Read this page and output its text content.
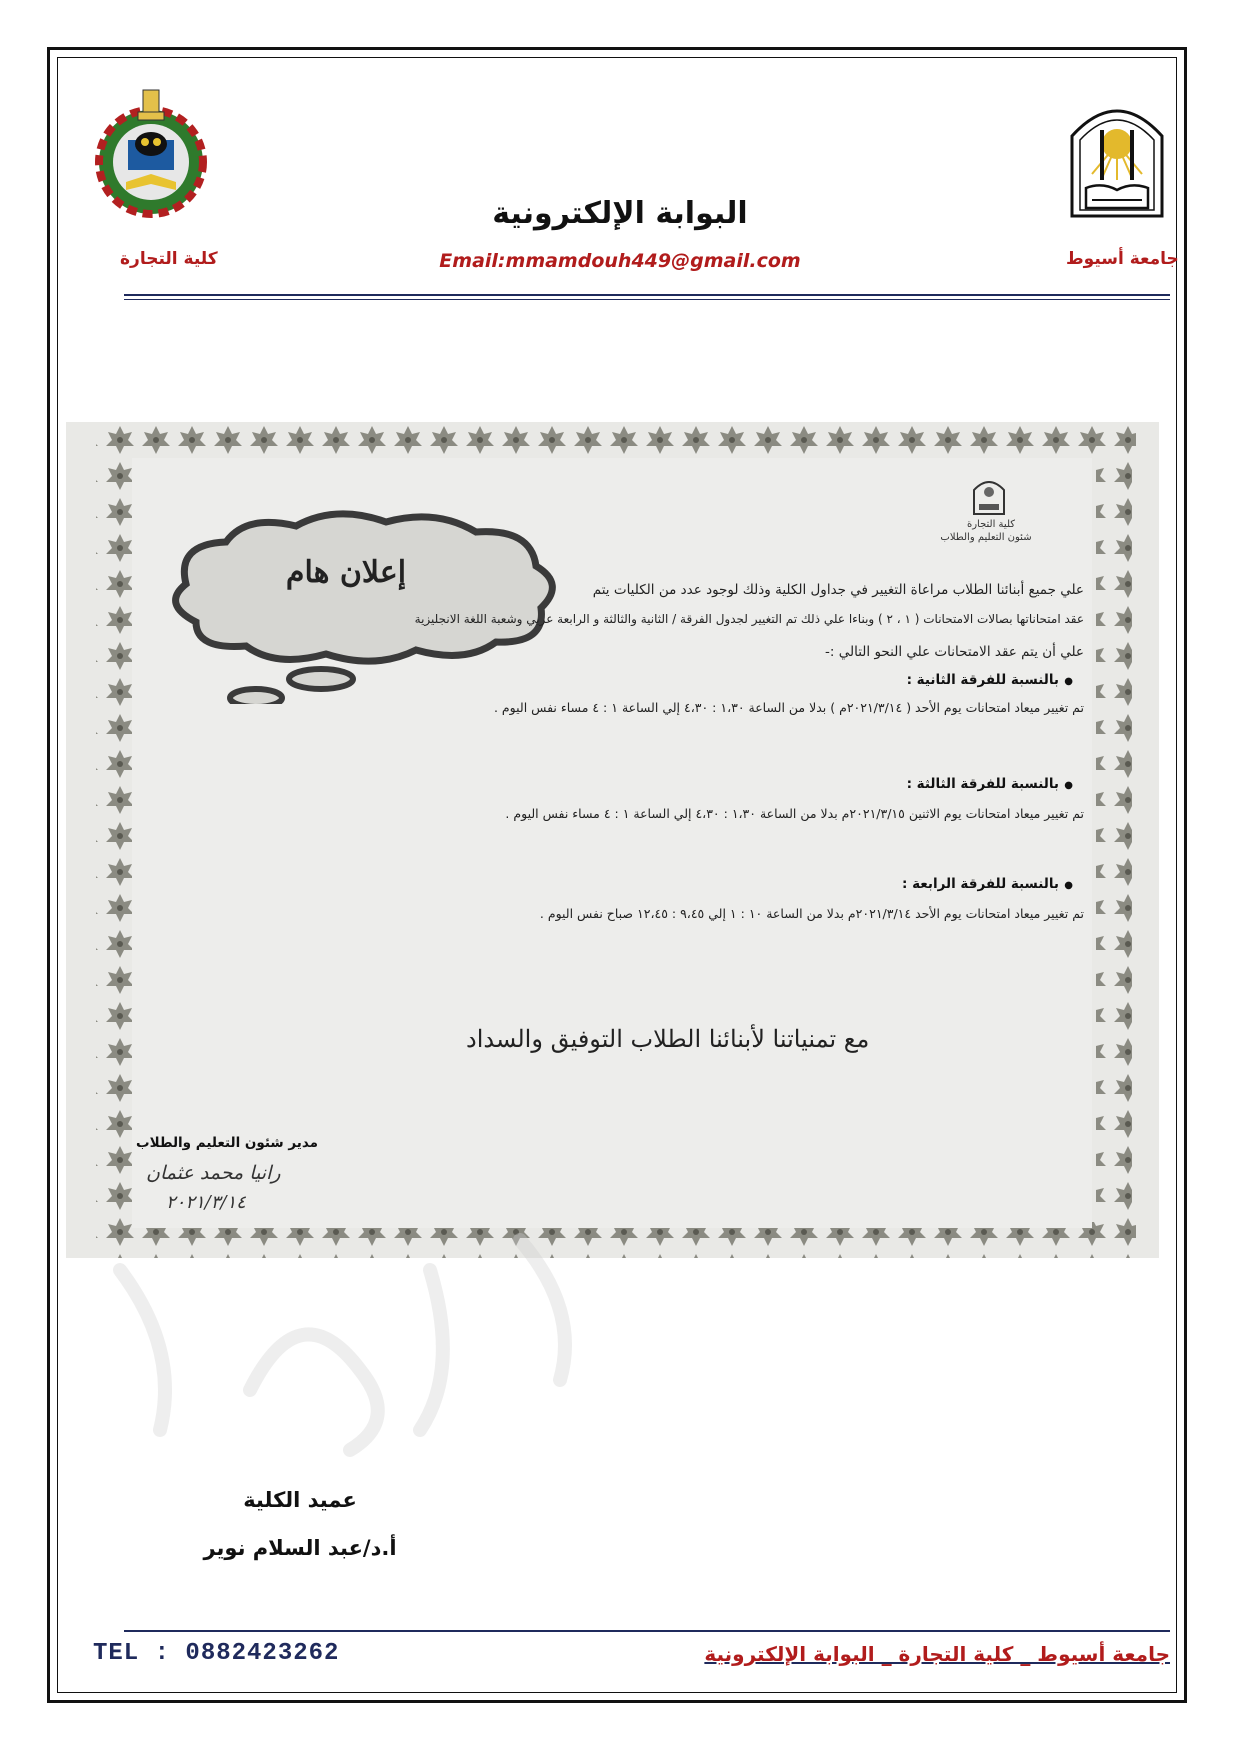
البوابة الإلكترونية
Email:mmamdouh449@gmail.com
كلية التجارة	جامعة أسيوط
إعلان هام
كلية التجارة
شئون التعليم والطلاب
علي جميع أبنائنا الطلاب مراعاة التغيير في جداول الكلية وذلك لوجود عدد من الكليات يتم
عقد امتحاناتها بصالات الامتحانات ( ١ ، ٢ ) وبناءا علي ذلك تم التغيير لجدول الفرقة / الثانية والثالثة و الرابعة عربي وشعبة اللغة الانجليزية
علي أن يتم عقد الامتحانات علي النحو التالي :-
بالنسبة للفرقة الثانية :
تم تغيير ميعاد امتحانات يوم الأحد ( ٢٠٢١/٣/١٤م ) بدلا من الساعة ١،٣٠ : ٤،٣٠ إلي الساعة ١ : ٤ مساء نفس اليوم .
بالنسبة للفرقة الثالثة :
تم تغيير ميعاد امتحانات يوم الاثنين ٢٠٢١/٣/١٥م بدلا من الساعة ١،٣٠ : ٤،٣٠ إلي الساعة ١ : ٤ مساء نفس اليوم .
بالنسبة للفرقة الرابعة :
تم تغيير ميعاد امتحانات يوم الأحد ٢٠٢١/٣/١٤م بدلا من الساعة ١٠ : ١ إلي ٩،٤٥ : ١٢،٤٥ صباح نفس اليوم .
●
●
●
مع تمنياتنا لأبنائنا الطلاب التوفيق والسداد
مدير شئون التعليم والطلاب
رانيا محمد عثمان
٢٠٢١/٣/١٤
عميد الكلية
أ.د/عبد السلام نوير
TEL : 0882423262	جامعة أسيوط _ كلية التجارة _ البوابة الإلكترونية
